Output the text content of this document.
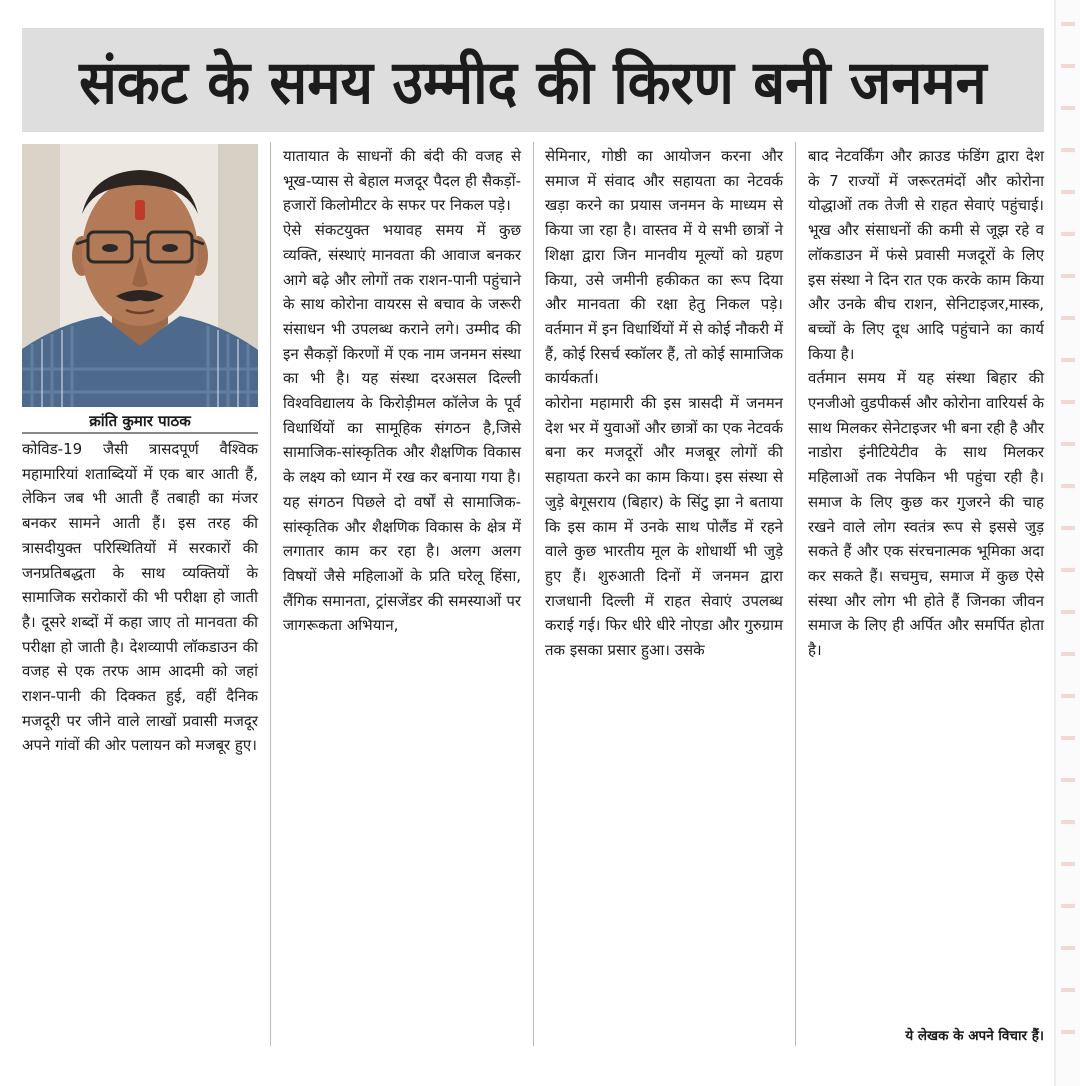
संकट के समय उम्मीद की किरण बनी जनमन
क्रांति कुमार पाठक

कोविड-19 जैसी त्रासदपूर्ण वैश्विक महामारियां शताब्दियों में एक बार आती हैं, लेकिन जब भी आती हैं तबाही का मंजर बनकर सामने आती हैं। इस तरह की त्रासदीयुक्त परिस्थितियों में सरकारों की जनप्रतिबद्धता के साथ व्यक्तियों के सामाजिक सरोकारों की भी परीक्षा हो जाती है। दूसरे शब्दों में कहा जाए तो मानवता की परीक्षा हो जाती है। देशव्यापी लॉकडाउन की वजह से एक तरफ आम आदमी को जहां राशन-पानी की दिक्कत हुई, वहीं दैनिक मजदूरी पर जीने वाले लाखों प्रवासी मजदूर अपने गांवों की ओर पलायन को मजबूर हुए।

यातायात के साधनों की बंदी की वजह से भूख-प्यास से बेहाल मजदूर पैदल ही सैकड़ों-हजारों किलोमीटर के सफर पर निकल पड़े।

ऐसे संकटयुक्त भयावह समय में कुछ व्यक्ति, संस्थाएं मानवता की आवाज बनकर आगे बढ़े और लोगों तक राशन-पानी पहुंचाने के साथ कोरोना वायरस से बचाव के जरूरी संसाधन भी उपलब्ध कराने लगे। उम्मीद की इन सैकड़ों किरणों में एक नाम जनमन संस्था का भी है। यह संस्था दरअसल दिल्ली विश्वविद्यालय के किरोड़ीमल कॉलेज के पूर्व विधार्थियों का सामूहिक संगठन है,जिसे सामाजिक-सांस्कृतिक और शैक्षणिक विकास के लक्ष्य को ध्यान में रख कर बनाया गया है। यह संगठन पिछले दो वर्षों से सामाजिक-सांस्कृतिक और शैक्षणिक विकास के क्षेत्र में लगातार काम कर रहा है। अलग अलग विषयों जैसे महिलाओं के प्रति घरेलू हिंसा, लैंगिक समानता, ट्रांसजेंडर की समस्याओं पर जागरूकता अभियान,

सेमिनार, गोष्ठी का आयोजन करना और समाज में संवाद और सहायता का नेटवर्क खड़ा करने का प्रयास जनमन के माध्यम से किया जा रहा है। वास्तव में ये सभी छात्रों ने शिक्षा द्वारा जिन मानवीय मूल्यों को ग्रहण किया, उसे जमीनी हकीकत का रूप दिया और मानवता की रक्षा हेतु निकल पड़े। वर्तमान में इन विधार्थियों में से कोई नौकरी में हैं, कोई रिसर्च स्कॉलर हैं, तो कोई सामाजिक कार्यकर्ता।

कोरोना महामारी की इस त्रासदी में जनमन देश भर में युवाओं और छात्रों का एक नेटवर्क बना कर मजदूरों और मजबूर लोगों की सहायता करने का काम किया। इस संस्था से जुड़े बेगूसराय (बिहार) के सिंटु झा ने बताया कि इस काम में उनके साथ पोलैंड में रहने वाले कुछ भारतीय मूल के शोधार्थी भी जुड़े हुए हैं। शुरुआती दिनों में जनमन द्वारा राजधानी दिल्ली में राहत सेवाएं उपलब्ध कराई गई। फिर धीरे धीरे नोएडा और गुरुग्राम तक इसका प्रसार हुआ। उसके

बाद नेटवर्किंग और क्राउड फंडिंग द्वारा देश के 7 राज्यों में जरूरतमंदों और कोरोना योद्धाओं तक तेजी से राहत सेवाएं पहुंचाई।भूख और संसाधनों की कमी से जूझ रहे व लॉकडाउन में फंसे प्रवासी मजदूरों के लिए इस संस्था ने दिन रात एक करके काम किया और उनके बीच राशन, सेनिटाइजर,मास्क, बच्चों के लिए दूध आदि पहुंचाने का कार्य किया है।

वर्तमान समय में यह संस्था बिहार की एनजीओ वुडपीकर्स और कोरोना वारियर्स के साथ मिलकर सेनेटाइजर भी बना रही है और नाडोरा इंनीटियेटीव के साथ मिलकर महिलाओं तक नेपकिन भी पहुंचा रही है। समाज के लिए कुछ कर गुजरने की चाह रखने वाले लोग स्वतंत्र रूप से इससे जुड़ सकते हैं और एक संरचनात्मक भूमिका अदा कर सकते हैं। सचमुच, समाज में कुछ ऐसे संस्था और लोग भी होते हैं जिनका जीवन समाज के लिए ही अर्पित और समर्पित होता है।

ये लेखक के अपने विचार हैं।
